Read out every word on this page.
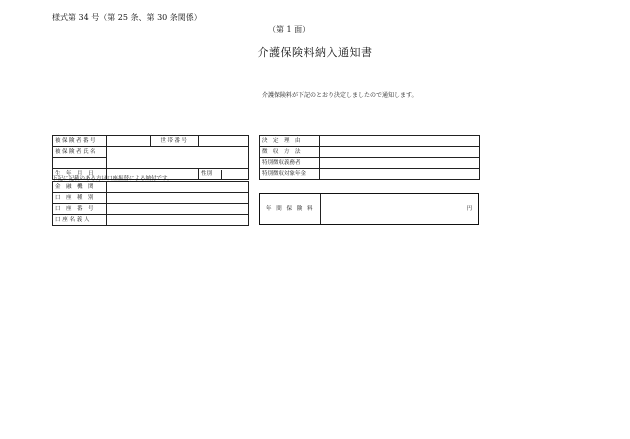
様式第 34 号（第 25 条、第 30 条関係）
（第 1 面）
介護保険料納入通知書
介護保険料が下記のとおり決定しましたので通知します。
被保険者番号		世帯番号	
被保険者氏名			

生　年　月　日			性別
下記に記載のある方は口座振替による納付です。
金　融　機　関	
口　座　種　別	
口　座　番　号	
口 座 名 義 人	
決　定　理　由	
徴　収　方　法	
特別徴収義務者	
特別徴収対象年金	
年 間 保 険 料	円
